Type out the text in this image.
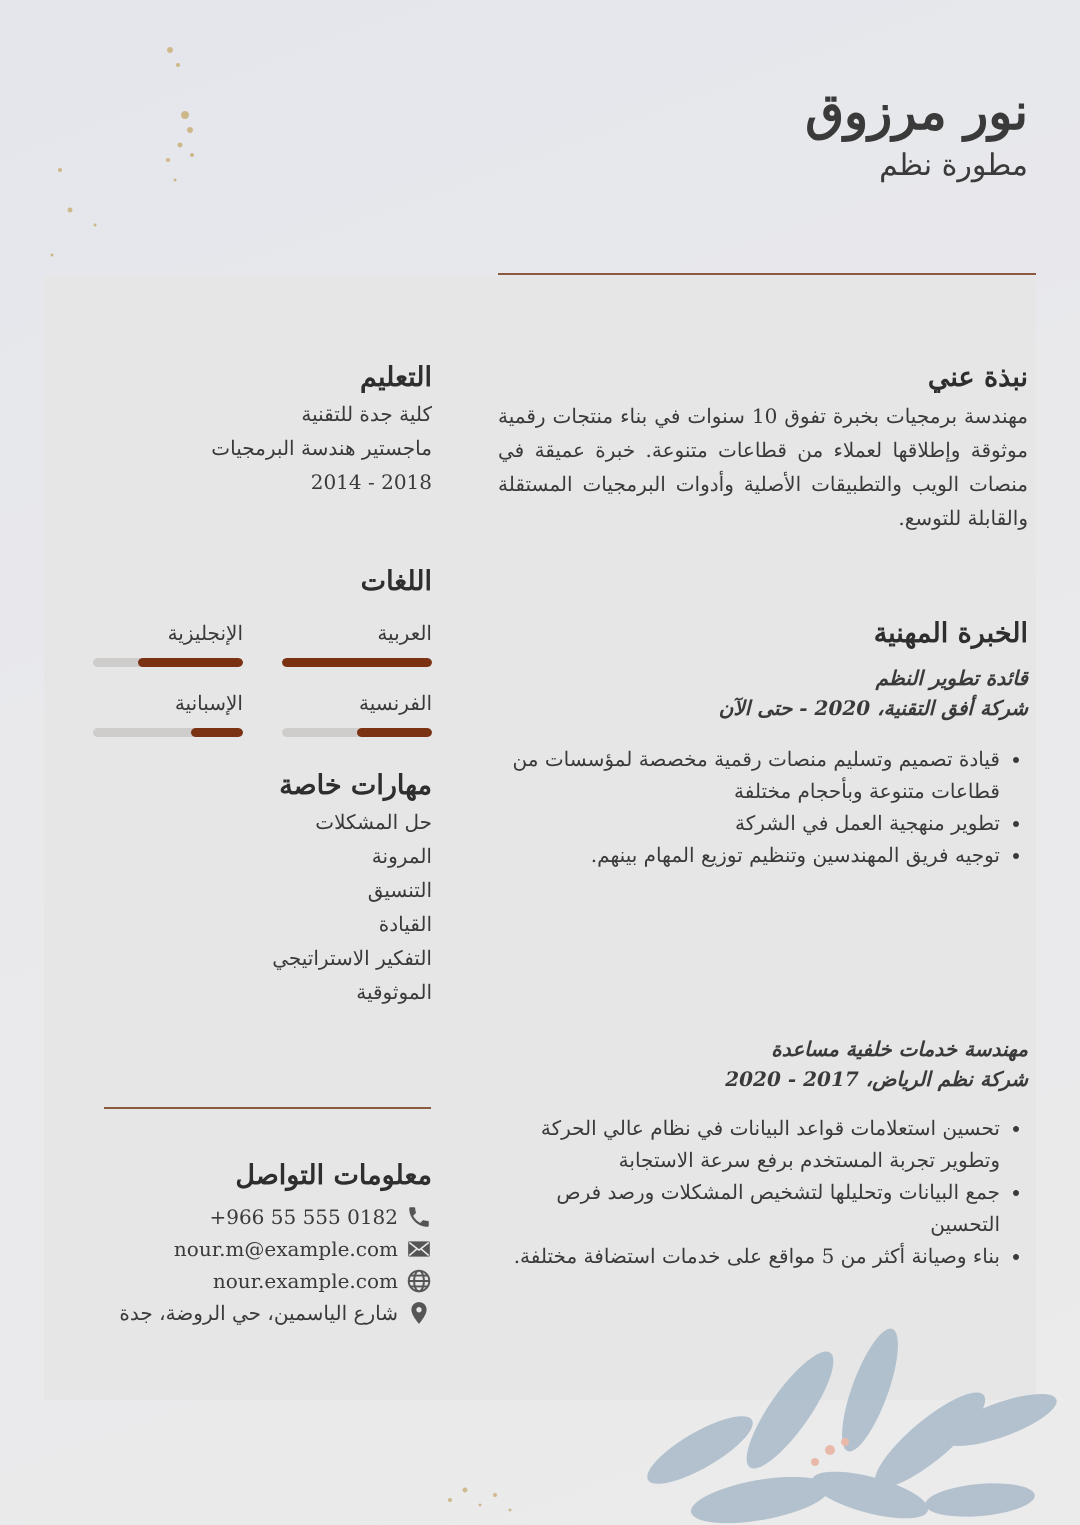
نور مرزوق
مطورة نظم
نبذة عني
مهندسة برمجيات بخبرة تفوق 10 سنوات في بناء منتجات رقمية موثوقة وإطلاقها لعملاء من قطاعات متنوعة. خبرة عميقة في منصات الويب والتطبيقات الأصلية وأدوات البرمجيات المستقلة والقابلة للتوسع.
الخبرة المهنية
قائدة تطوير النظم
شركة أفق التقنية، 2020 - حتى الآن
• قيادة تصميم وتسليم منصات رقمية مخصصة لمؤسسات من قطاعات متنوعة وبأحجام مختلفة
• تطوير منهجية العمل في الشركة
• توجيه فريق المهندسين وتنظيم توزيع المهام بينهم.
مهندسة خدمات خلفية مساعدة
شركة نظم الرياض، 2017 - 2020
• تحسين استعلامات قواعد البيانات في نظام عالي الحركة وتطوير تجربة المستخدم برفع سرعة الاستجابة
• جمع البيانات وتحليلها لتشخيص المشكلات ورصد فرص التحسين
• بناء وصيانة أكثر من 5 مواقع على خدمات استضافة مختلفة.
التعليم
كلية جدة للتقنية
ماجستير هندسة البرمجيات
2014 - 2018
اللغات
العربية
الإنجليزية
الفرنسية
الإسبانية
مهارات خاصة
حل المشكلات
المرونة
التنسيق
القيادة
التفكير الاستراتيجي
الموثوقية
معلومات التواصل
+966 55 555 0182
nour.m@example.com
nour.example.com
شارع الياسمين، حي الروضة، جدة
